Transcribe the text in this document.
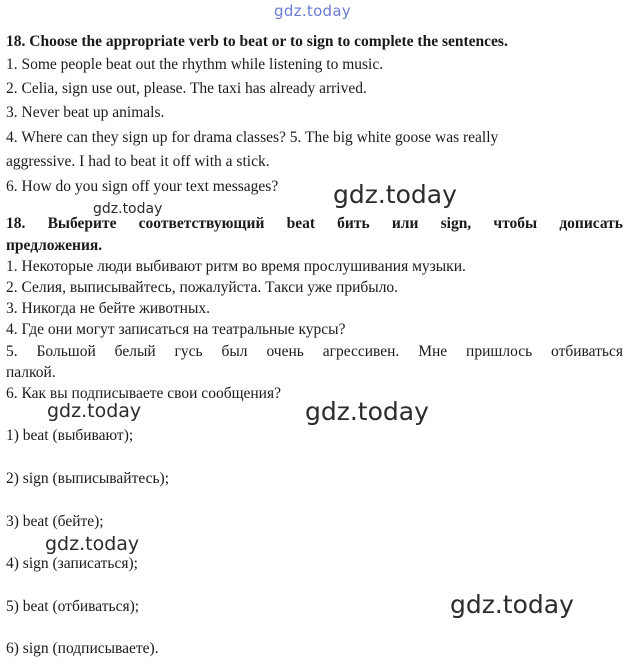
gdz.today
18. Choose the appropriate verb to beat or to sign to complete the sentences.
1. Some people beat out the rhythm while listening to music.
2. Celia, sign use out, please. The taxi has already arrived.
3. Never beat up animals.
4. Where can they sign up for drama classes? 5. The big white goose was really
aggressive. I had to beat it off with a stick.
6. How do you sign off your text messages?	gdz.today
gdz.today
18. Выберите соответствующий beat бить или sign, чтобы дописать
предложения.
1. Некоторые люди выбивают ритм во время прослушивания музыки.
2. Селия, выписывайтесь, пожалуйста. Такси уже прибыло.
3. Никогда не бейте животных.
4. Где они могут записаться на театральные курсы?
5. Большой белый гусь был очень агрессивен. Мне пришлось отбиваться
палкой.
6. Как вы подписываете свои сообщения?
gdz.today	gdz.today
1) beat (выбивают);
2) sign (выписывайтесь);
3) beat (бейте);
gdz.today
4) sign (записаться);
5) beat (отбиваться);	gdz.today
6) sign (подписываете).
